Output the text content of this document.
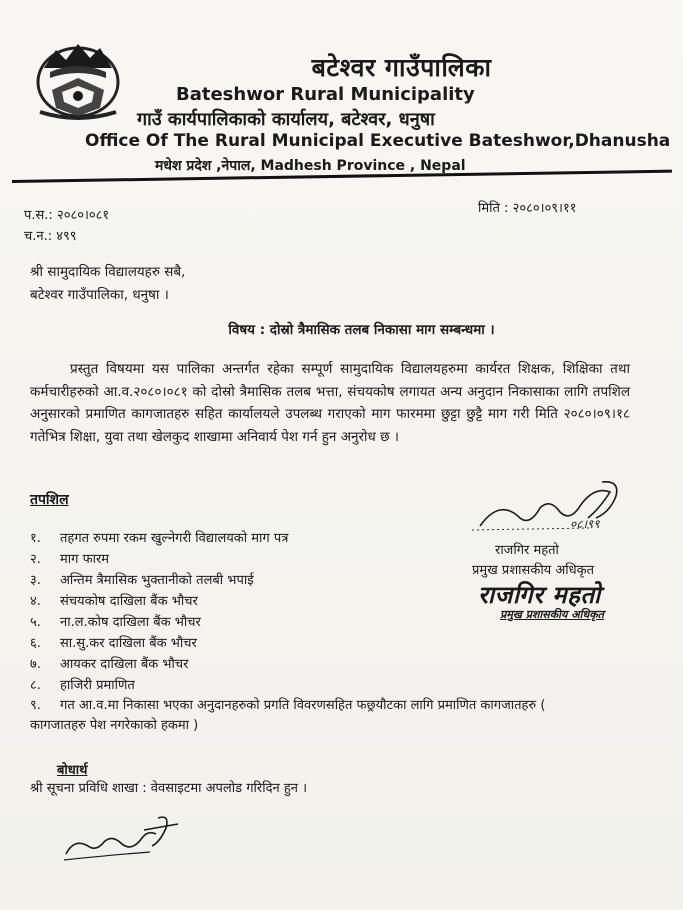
बटेश्वर गाउँपालिका
Bateshwor Rural Municipality
गाउँ कार्यपालिकाको कार्यालय, बटेश्वर, धनुषा
Office Of The Rural Municipal Executive Bateshwor,Dhanusha
मधेश प्रदेश ,नेपाल, Madhesh Province , Nepal
प.स.: २०८०।०८१
च.न.: ४९९
मिति : २०८०।०९।११
श्री सामुदायिक विद्यालयहरु सबै,
बटेश्वर गाउँपालिका, धनुषा ।
विषय : दोस्रो त्रैमासिक तलब निकासा माग सम्बन्धमा ।
प्रस्तुत विषयमा यस पालिका अन्तर्गत रहेका सम्पूर्ण सामुदायिक विद्यालयहरुमा कार्यरत शिक्षक, शिक्षिका तथा कर्मचारीहरुको आ.व.२०८०।०८१ को दोस्रो त्रैमासिक तलब भत्ता, संचयकोष लगायत अन्य अनुदान निकासाका लागि तपशिल अनुसारको प्रमाणित कागजातहरु सहित कार्यालयले उपलब्ध गराएको माग फारममा छुट्टा छुट्टै माग गरी मिति २०८०।०९।१८ गतेभित्र शिक्षा, युवा तथा खेलकुद शाखामा अनिवार्य पेश गर्न हुन अनुरोध छ ।
तपशिल
१. तहगत रुपमा रकम खुल्नेगरी विद्यालयको माग पत्र
२. माग फारम
३. अन्तिम त्रैमासिक भुक्तानीको तलबी भपाई
४. संचयकोष दाखिला बैंक भौचर
५. ना.ल.कोष दाखिला बैंक भौचर
६. सा.सु.कर दाखिला बैंक भौचर
७. आयकर दाखिला बैंक भौचर
८. हाजिरी प्रमाणित
९. गत आ.व.मा निकासा भएका अनुदानहरुको प्रगति विवरणसहित फछ्रयौटका लागि प्रमाणित कागजातहरु ( कागजातहरु पेश नगरेकाको हकमा )
०८।९९
राजगिर महतो
प्रमुख प्रशासकीय अधिकृत
राजगिर महतो
प्रमुख प्रशासकीय अधिकृत
बोधार्थ
श्री सूचना प्रविधि शाखा : वेवसाइटमा अपलोड गरिदिन हुन ।
